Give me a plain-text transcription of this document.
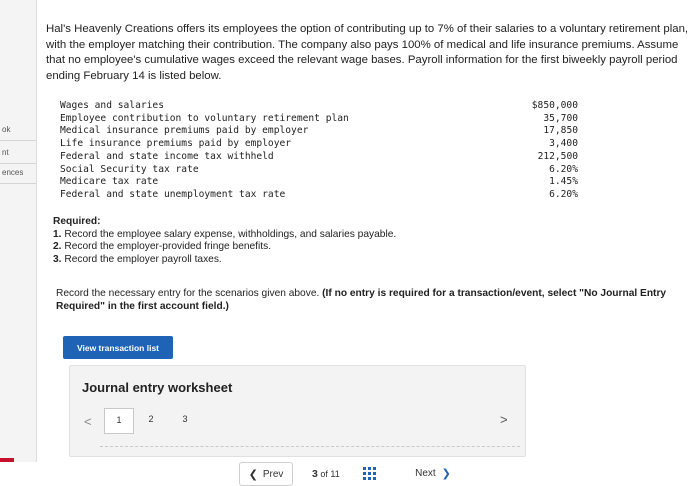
ok
nt
ences
Hal's Heavenly Creations offers its employees the option of contributing up to 7% of their salaries to a voluntary retirement plan, with the employer matching their contribution. The company also pays 100% of medical and life insurance premiums. Assume that no employee's cumulative wages exceed the relevant wage bases. Payroll information for the first biweekly payroll period ending February 14 is listed below.
Wages and salaries	$850,000
Employee contribution to voluntary retirement plan	35,700
Medical insurance premiums paid by employer	17,850
Life insurance premiums paid by employer	3,400
Federal and state income tax withheld	212,500
Social Security tax rate	6.20%
Medicare tax rate	1.45%
Federal and state unemployment tax rate	6.20%
Required:
1. Record the employee salary expense, withholdings, and salaries payable.
2. Record the employer-provided fringe benefits.
3. Record the employer payroll taxes.
Record the necessary entry for the scenarios given above. (If no entry is required for a transaction/event, select "No Journal Entry Required" in the first account field.)
View transaction list
Journal entry worksheet
<	1	2	3	>
❮ Prev	3 of 11	Next ❯
